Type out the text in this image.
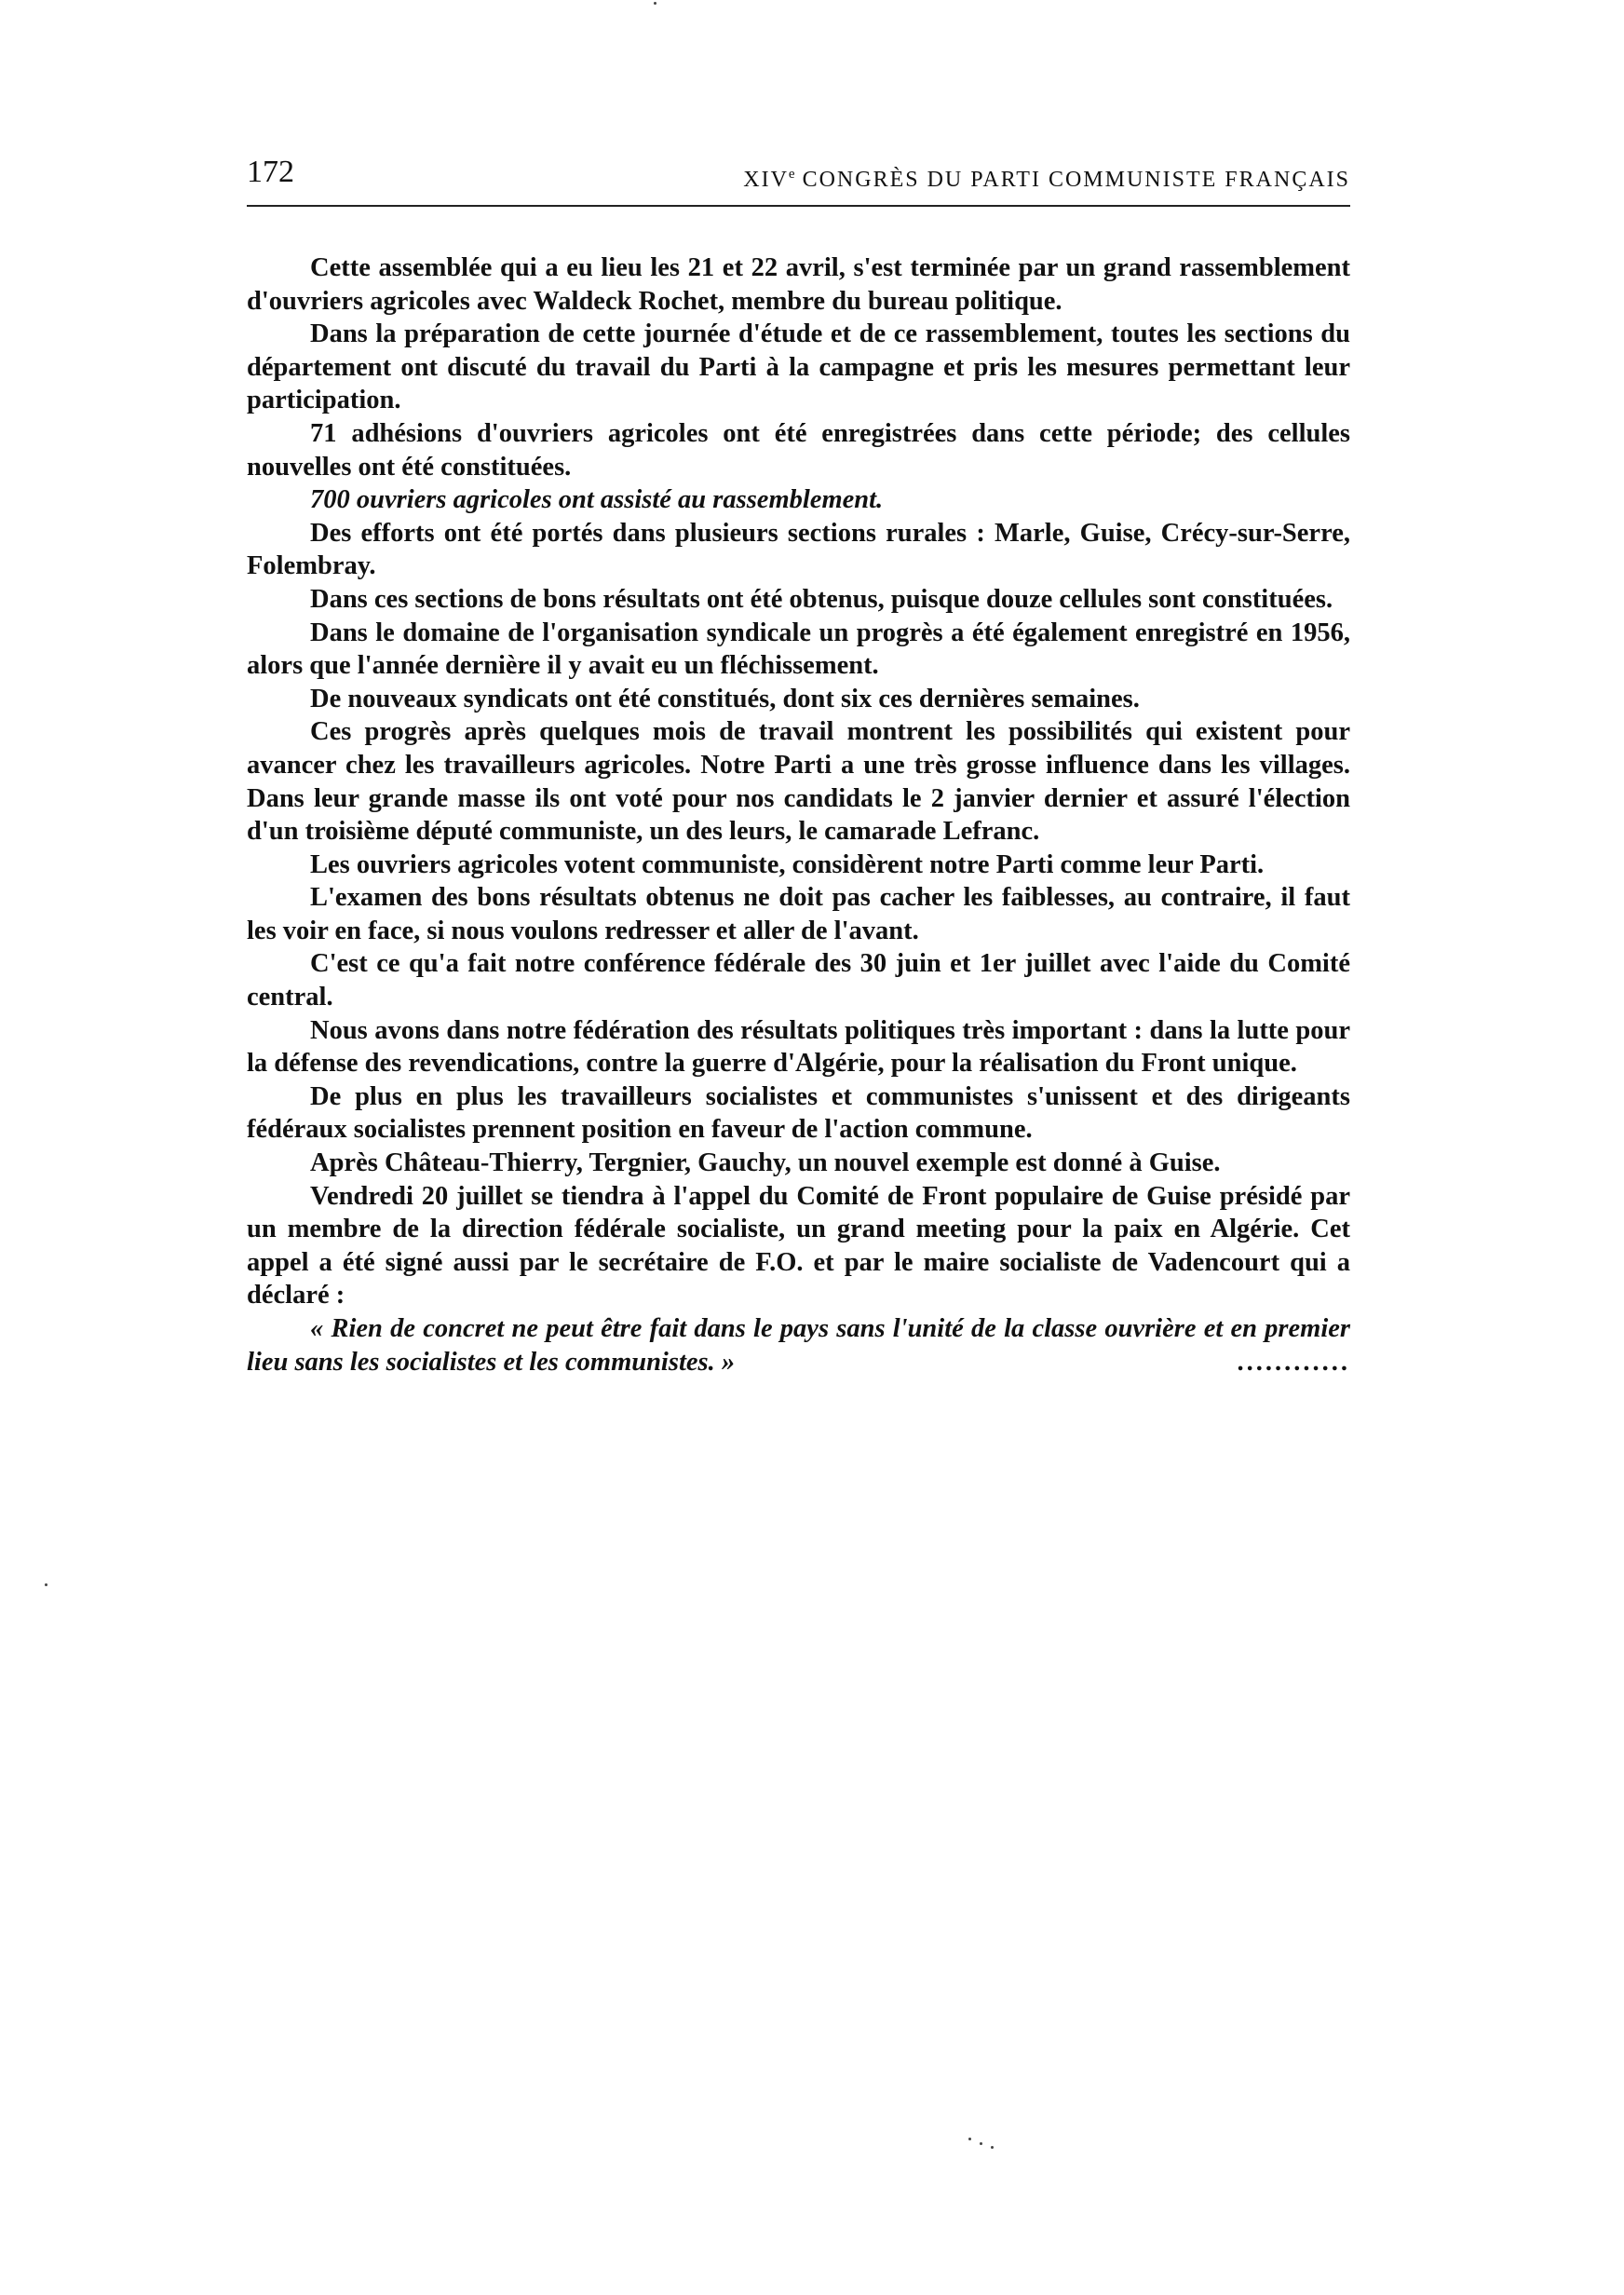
172	XIVe CONGRÈS DU PARTI COMMUNISTE FRANÇAIS

Cette assemblée qui a eu lieu les 21 et 22 avril, s'est terminée par un grand rassemblement d'ouvriers agricoles avec Waldeck Rochet, membre du bureau politique.

Dans la préparation de cette journée d'étude et de ce rassemblement, toutes les sections du département ont discuté du travail du Parti à la campagne et pris les mesures permettant leur participation.

71 adhésions d'ouvriers agricoles ont été enregistrées dans cette période; des cellules nouvelles ont été constituées.

700 ouvriers agricoles ont assisté au rassemblement.

Des efforts ont été portés dans plusieurs sections rurales : Marle, Guise, Crécy-sur-Serre, Folembray.

Dans ces sections de bons résultats ont été obtenus, puisque douze cellules sont constituées.

Dans le domaine de l'organisation syndicale un progrès a été également enregistré en 1956, alors que l'année dernière il y avait eu un fléchissement.

De nouveaux syndicats ont été constitués, dont six ces dernières semaines.

Ces progrès après quelques mois de travail montrent les possibilités qui existent pour avancer chez les travailleurs agricoles. Notre Parti a une très grosse influence dans les villages. Dans leur grande masse ils ont voté pour nos candidats le 2 janvier dernier et assuré l'élection d'un troisième député communiste, un des leurs, le camarade Lefranc.

Les ouvriers agricoles votent communiste, considèrent notre Parti comme leur Parti.

L'examen des bons résultats obtenus ne doit pas cacher les faiblesses, au contraire, il faut les voir en face, si nous voulons redresser et aller de l'avant.

C'est ce qu'a fait notre conférence fédérale des 30 juin et 1er juillet avec l'aide du Comité central.

Nous avons dans notre fédération des résultats politiques très important : dans la lutte pour la défense des revendications, contre la guerre d'Algérie, pour la réalisation du Front unique.

De plus en plus les travailleurs socialistes et communistes s'unissent et des dirigeants fédéraux socialistes prennent position en faveur de l'action commune.

Après Château-Thierry, Tergnier, Gauchy, un nouvel exemple est donné à Guise.

Vendredi 20 juillet se tiendra à l'appel du Comité de Front populaire de Guise présidé par un membre de la direction fédérale socialiste, un grand meeting pour la paix en Algérie. Cet appel a été signé aussi par le secrétaire de F.O. et par le maire socialiste de Vadencourt qui a déclaré :

« Rien de concret ne peut être fait dans le pays sans l'unité de la classe ouvrière et en premier lieu sans les socialistes et les communistes. »	............
